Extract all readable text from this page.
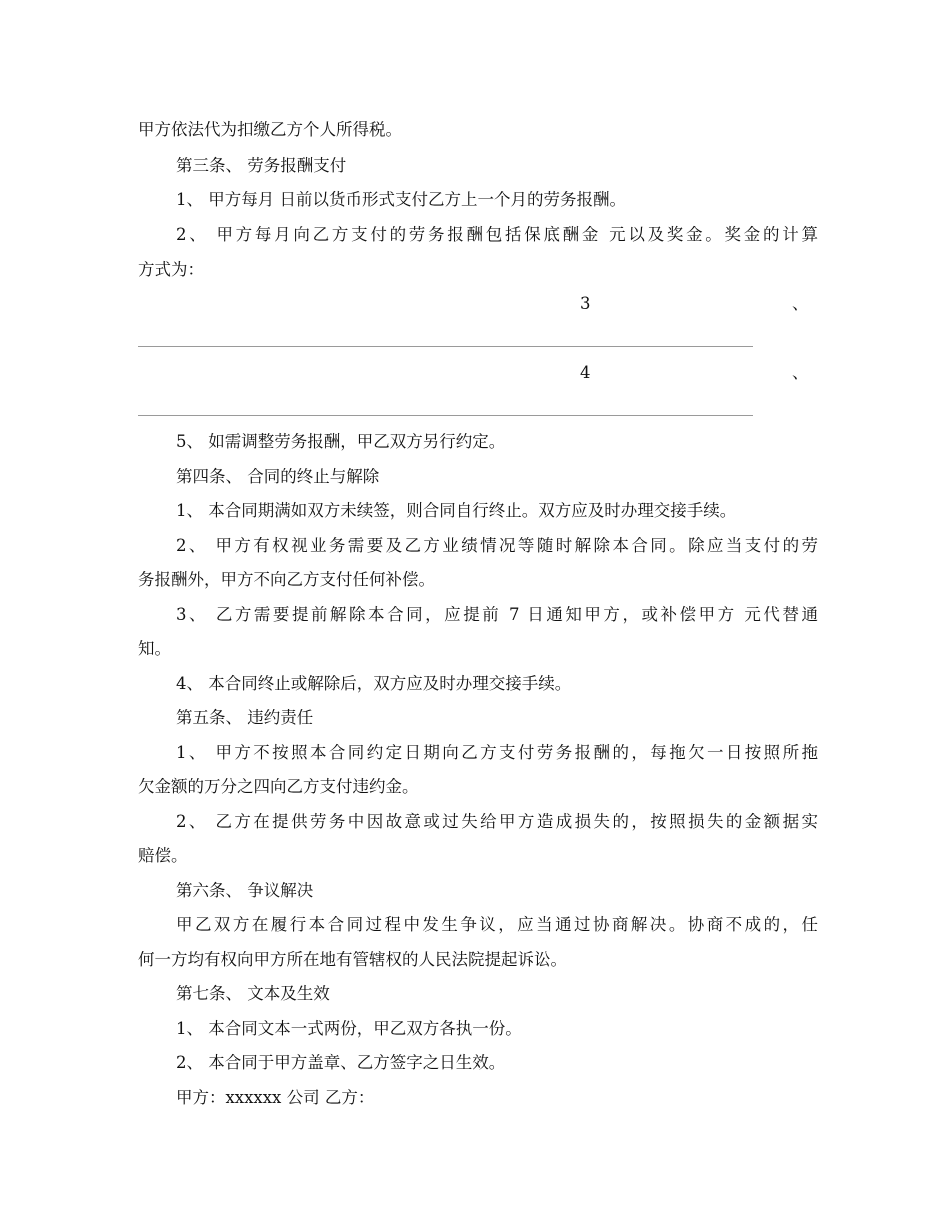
甲方依法代为扣缴乙方个人所得税。
第三条、 劳务报酬支付
1、 甲方每月 日前以货币形式支付乙方上一个月的劳务报酬。
2、 甲方每月向乙方支付的劳务报酬包括保底酬金 元以及奖金。奖金的计算
方式为：
3	、
4	、
5、 如需调整劳务报酬，甲乙双方另行约定。
第四条、 合同的终止与解除
1、 本合同期满如双方未续签，则合同自行终止。双方应及时办理交接手续。
2、 甲方有权视业务需要及乙方业绩情况等随时解除本合同。除应当支付的劳
务报酬外，甲方不向乙方支付任何补偿。
3、 乙方需要提前解除本合同，应提前 7 日通知甲方，或补偿甲方 元代替通
知。
4、 本合同终止或解除后，双方应及时办理交接手续。
第五条、 违约责任
1、 甲方不按照本合同约定日期向乙方支付劳务报酬的，每拖欠一日按照所拖
欠金额的万分之四向乙方支付违约金。
2、 乙方在提供劳务中因故意或过失给甲方造成损失的，按照损失的金额据实
赔偿。
第六条、 争议解决
甲乙双方在履行本合同过程中发生争议，应当通过协商解决。协商不成的，任
何一方均有权向甲方所在地有管辖权的人民法院提起诉讼。
第七条、 文本及生效
1、 本合同文本一式两份，甲乙双方各执一份。
2、 本合同于甲方盖章、乙方签字之日生效。
甲方：xxxxxx 公司 乙方：
